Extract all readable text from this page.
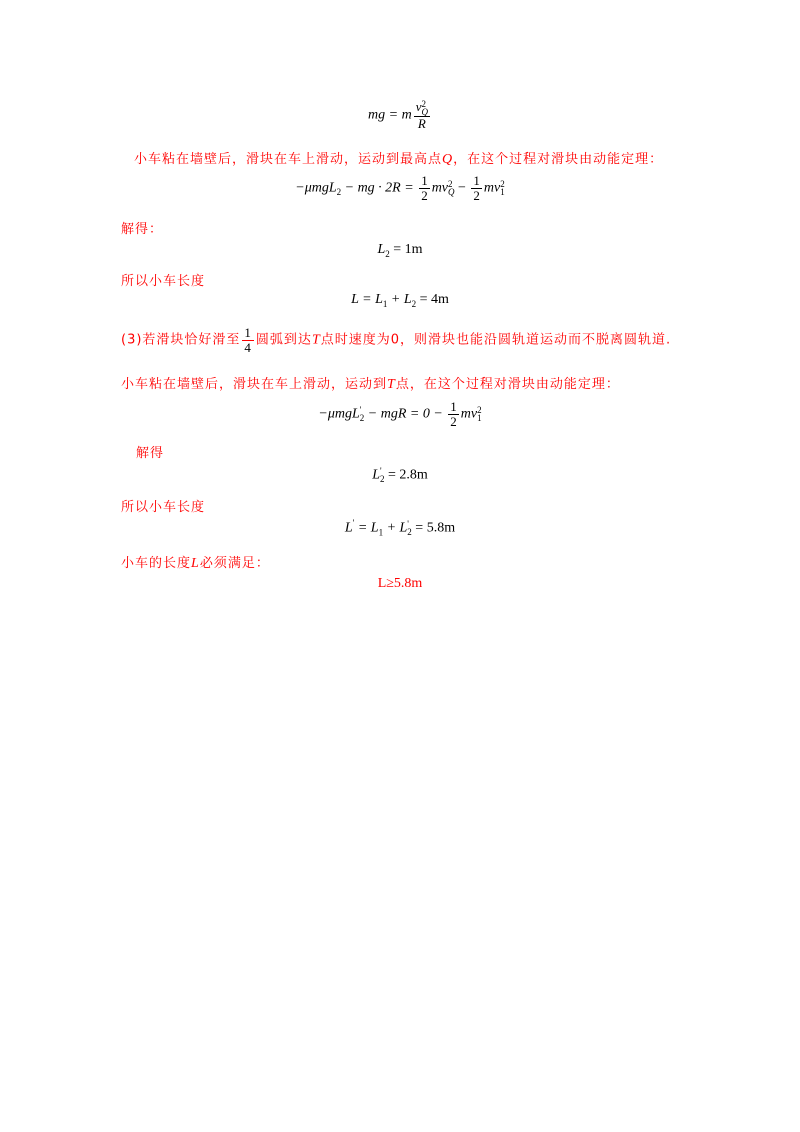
mg = m v 2
Q
R
小车粘在墙壁后，滑块在车上滑动，运动到最高点Q，在这个过程对滑块由动能定理：
−μmgL$_2$ − mg · $2R = \frac{1}{2}$ mv 2
$Q - \frac{1}{2}$ mv 2
1
解得：
$L_2 = 1m$
所以小车长度
$L = L_1 + L_2 = 4m$
(3)若滑块恰好滑至 $\frac{1}{4}$ 圆弧到达T点时速度为0，则滑块也能沿圆轨道运动而不脱离圆轨道.
小车粘在墙壁后，滑块在车上滑动，运动到T点，在这个过程对滑块由动能定理：
−μmgL '
2 − mgR = $0 - \frac{1}{2}$ mv 2
1
解得
L '
2 = 2.8m
所以小车长度
$L' = L_1 + L$ '
2 = 5.8m
小车的长度L必须满足：
L≥5.8m
